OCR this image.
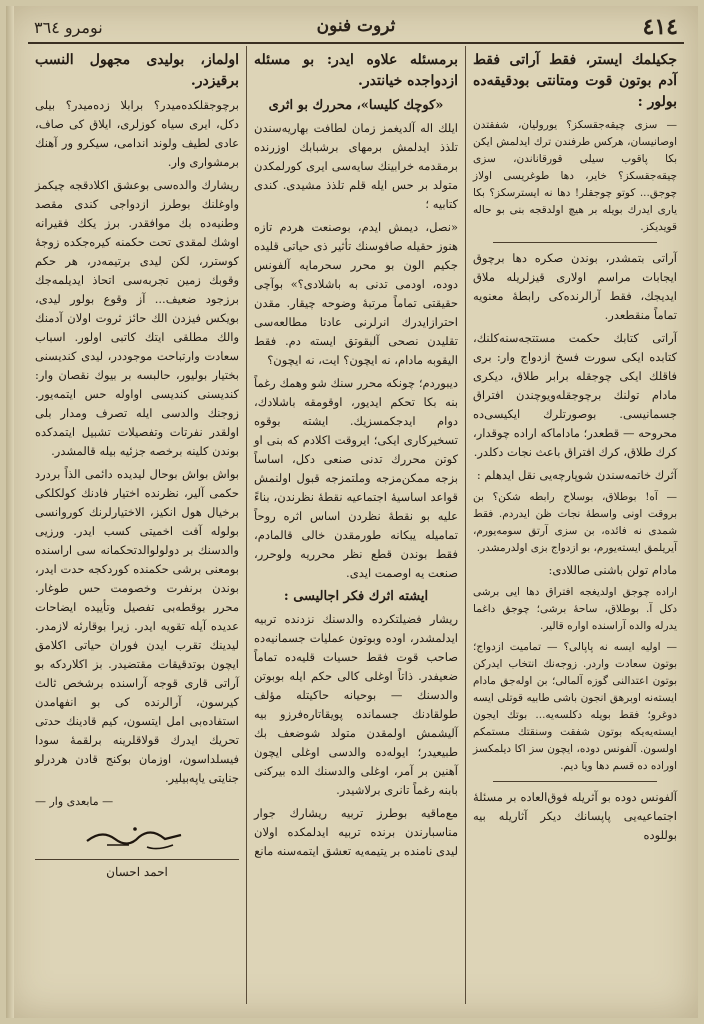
٤١٤
ثروت فنون
نومرو ٣٦٤
جكيلمك ايستر، فقط آراتى فقط آدم بوتون قوت ومتانتى بودقيقه‌ده بولور :

— سزى چيقه‌جقسكز؟ يوروليان، شفقتدن اوصانيسان، هركس طرفندن ترك ايدلمش ايكن بكا پاقوب سيلى قورقاناندن، سزى چيقه‌جقسكز؟ خاير، دها طوغريسى اولاز چوجق... كوتو چوجقلر! دها نه ايسترسكز؟ بكا يارى ايدرك بويله بر هيچ اولدقجه بنى بو حاله قويديكز.

آراتى بتمشدر، بوندن صكره دها برچوق ايجابات مراسم اولارى قيزلريله ملاق ايديجك، فقط آرالرنده‌كى رابطهٔ معنويه تماماً منقطعدر.

آراتى كتابك حكمت مستتجه‌سنه‌كلنك، كتابده ايكى سورت فسخ ازدواج وار: برى فاقلك ايكى چوجقله برابر طلاق، ديكرى مادام تولنك برچوجقله‌ويوچندن افتراق جسمانيسى. بوصورتلرك ايكيسى‌ده محروحه — قطعدر؛ ماداماكه اراده چوقدار، كرك طلاق، كرك افتراق باعث نجات دكلدر.

آثرك خاتمه‌سندن شوپارچه‌يى نقل ايدهلم :

— آه! بوطلاق، بوسلاح رابطه شكن؟ بن بروقت اونى واسطهٔ نجات ظن ايدردم. فقط شمدى نه فائده، بن سزى آرتق سومه‌يورم، آيريلمق ايسته‌يورم، بو ازدواج بزى اولدرمشدر.

مادام تولن باشنى صاللادى:

اراده چوجق اولديغجه افتراق دها ايى برشى دكل آ. بوطلاق، ساحهٔ برشى؛ چوجق داغما يدرله والده آراسنده اواره قالير.

— اوليه ايسه نه پاپالى؟ — تماميت ازدواج؛ بوتون سعادت واردر. زوجه‌نك انتخاب ايدركن بوتون اعتدالنى گوزه آلمالى؛ بن اوله‌جق مادام ايسته‌نه اوبرهق انجون باشى طابيه قوتلى ايسه دوغرو؛ فقط بويله دكلسه‌يه... بوتك ايجون ايسته‌يه‌يكه بوتون شفقت وسنقتك مستمكم اولسون. آلفونس دوده، ايچون سز اكا ديلمكسز اوراده ده قسم دها ويا ديم.

آلفونس دوده بو آثريله فوق‌العاده بر مسئلهٔ اجتماعيه‌يى پاپسانك ديكر آثاريله بيه بوللوده

برمسئله علاوه ايدر: بو مسئله ازدواجده خيانتدر.
«كوچك كليسا»، محررك بو اثرى

ايلك اله آلديغمز زمان لطافت بهاريه‌سندن تلذذ ايدلمش برمهاى برشبابك اوزرنده برمقدمه خرابينك سايه‌سى ايرى كورلمكدن متولد بر حس ايله قلم تلذذ مشيدى. كندى كتابيه ؛

«نصل، ديمش ايدم، بوصنعت هردم تازه هنوز حقيله صافوسنك تأثير ذى حياتى قليده جكيم الون بو محرر سحرمايه آلفونس دوده، اودمى تدنى به باشلادى؟» بوآچى حقيقتى تماماً مرتبهٔ وضوحه چيقار. مقدن احترازايدرك انرلرنى عادتا مطالعه‌سى تقليدن نصحى آلبقوتق ايسته‌ دم. فقط اليقوبه مادام، نه ايچون؟ ايت، نه ايچون؟

ديبوردم؛ چونكه محرر سنك شو وهمك رغماً بنه بكا تحكم ايديور، اوقومقه باشلادك، دوام ايدجكمسزيك. ايشته بوقوه تسخيركارى ايكى؛ ايروقت اكلادم كه بنى او كوتن محررك تدنى صنعى دكل، اساساً بزجه ممكن‌مزجه وملتمزجه قبول اولنمش قواعد اساسيهٔ اجتماعيه نقطهٔ نظرندن، بناءً عليه بو نقطهٔ نظردن اساس اثره روحاً تماميله يبكانه طورمقدن خالى قالمادم، فقط بوندن قطع نظر محرريه ولوحرر، صنعت يه اوصمت ايدى.

ايشته اثرك فكر اجاليسى :

ريشار فضيلتكرده والدسنك نزدنده تربيه ايدلمشدر، اوده وبوتون عمليات جسمانيه‌ده صاحب قوت فقط حسيات قليه‌ده تماماً ضعيفدر. ذاتاً اوغلى كالى حكم ايله بوبوتن والدسنك — بوحيانه حاكيتله مؤلف طولقادنك جسمانده پويقاتاره‌فرزو بيه آليشمش اولمقدن متولد شوضعف بك طبيعيدر؛ ايوله‌ده والدسى اوغلى ايچون آهنين بر آمر، اوغلى والدسنك الده بيركنى بابنه رغماً تانرى برلاشيدر.

مع‌ماقيه بوطرز تربيه ريشارك جوار مناسبارندن برنده تربيه ايدلمكده اولان ليدى نامنده بر يتيمه‌يه تعشق ايتمه‌سنه مانع

اولماز، بوليدى مجهول النسب برقيزدر.

برچوجقلكده‌ميدر؟ برابلا زده‌ميدر؟ بيلى دكل، ايرى سياه كوزلرى، ايلاق كى صاف، عادى لطيف ولوند اندامى، سيكرو ور آهنك برمشوارى وار.

ريشارك والده‌سى بوعشق اكلادقجه چيكمز واوغلنك بوطرز ازدواجى كندى مقصد وطنيه‌ده بك موافقدر. برز يكك فقيرانه اوشك لمقدى تحت حكمنه كيره‌جكده زوجهٔ كوسترر، لكن ليدى برتيمه‌در، هر حكم وقوبك زمين تجربه‌سى اتحاذ ايديلمه‌جك برزجود ضعيف... آز وقوع بولور ليدى، بويكس فيزدن الك حائز ثروت اولان آدمنك والك مطلقى ايتك كاتبى اولور. اسباب سعادت وارتباحت موجوددر، ليدى كنديسنى بختيار بوليور، حالبسه بر بيوك نقصان وار: كنديسنى كنديسى اواوله حس ايتمه‌يور. زوجنك والدسى ايله تصرف ومدار بلى اولقدر نفرتات وتفصيلات تشبيل ايتمدكده بوندن كلينه برخصه جزئيه بيله قالمشدر.

بواش بواش بوحال ليديده دائمى الذاً بردرد حكمى آلير، نظرنده اختيار فادنك كولكلكى برخيال هول انكيز، الاختيارلرنك كوروانسى بولوله آفت اخميتى كسب ايدر. ورزيى والدسنك بر دولولوالدتحكمانه سى اراسنده بومعنى برشى حكمنده كوردكجه حدت ايدر، بوندن برنفرت وخصومت حس طوغار. محرر بوقطه‌بى تفصيل وتأييده ايضاحات عديده آيله تقويه ايدر. زيرا بوقارئه لازمدر. ليدينك تقرب ايدن فوران حياتى اكلامق ايچون بوتدقيقات مقتضيدر. بز اكلاردكه بو آراتى قارى قوجه آراسنده برشخص ثالث كيرسون، آرالرنده كى بو انفهامدن استفاده‌بى امل ايتسون، كيم قادينك حدتى تحريك ايدرك قولاقلرينه برلقمهٔ سودا فيسلداسون، اوزمان بوكنج قادن هردرلو جنايتى ياپه‌بيلير.

— مابعدى وار —
احمد احسان
